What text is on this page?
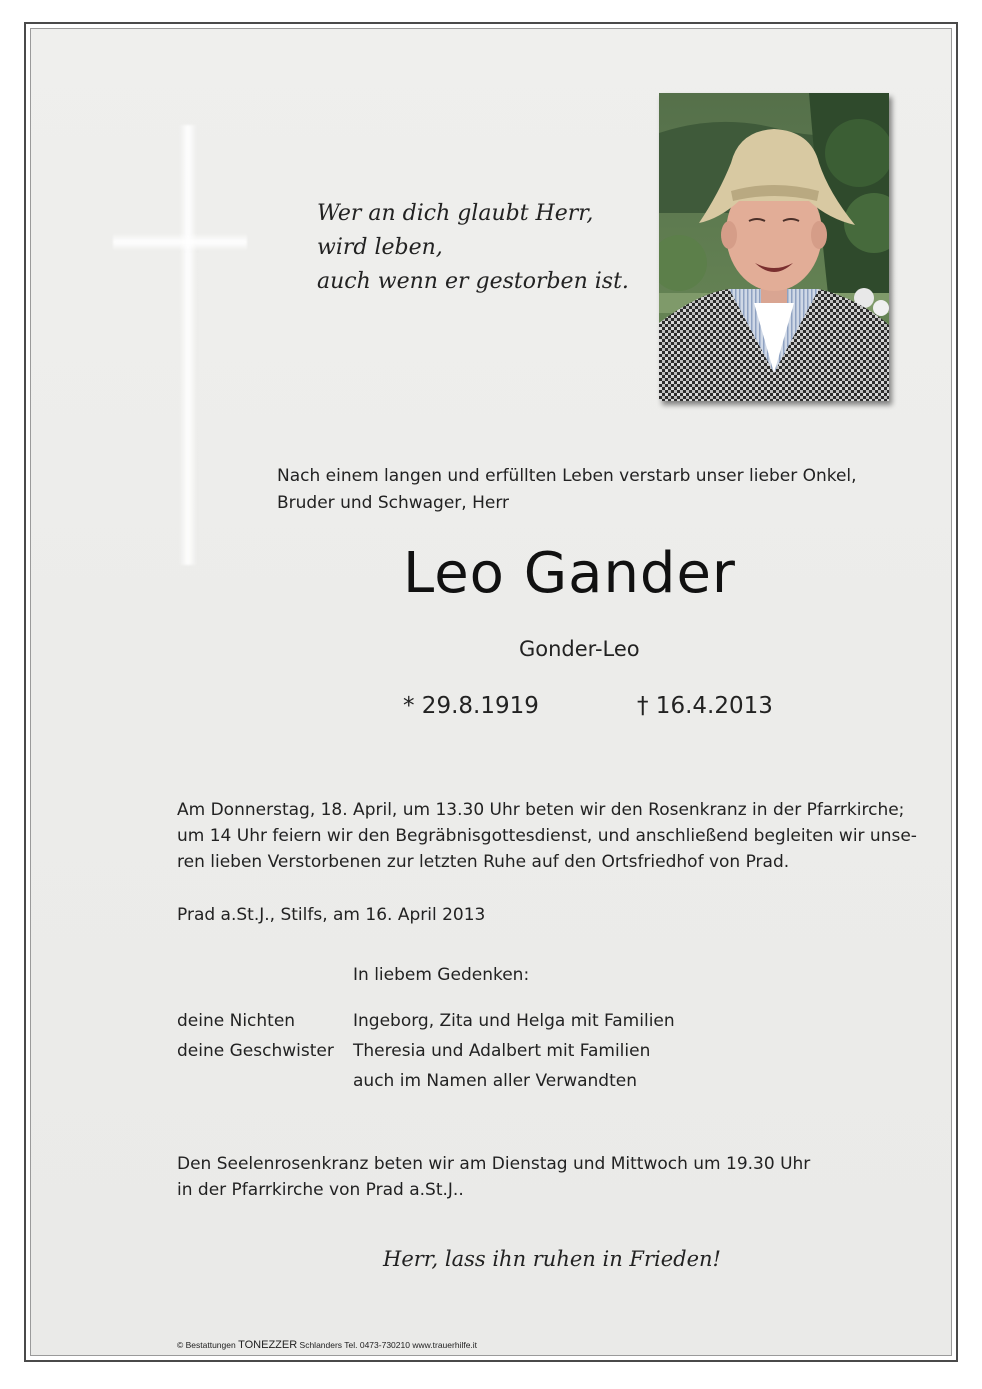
Wer an dich glaubt Herr,
wird leben,
auch wenn er gestorben ist.
Nach einem langen und erfüllten Leben verstarb unser lieber Onkel,
Bruder und Schwager, Herr
Leo Gander
Gonder-Leo
* 29.8.1919	† 16.4.2013
Am Donnerstag, 18. April, um 13.30 Uhr beten wir den Rosenkranz in der Pfarrkirche;
um 14 Uhr feiern wir den Begräbnisgottesdienst, und anschließend begleiten wir unse-
ren lieben Verstorbenen zur letzten Ruhe auf den Ortsfriedhof von Prad.
Prad a.St.J., Stilfs, am 16. April 2013
In liebem Gedenken:
deine Nichten	Ingeborg, Zita und Helga mit Familien
deine Geschwister Theresia und Adalbert mit Familien
auch im Namen aller Verwandten
Den Seelenrosenkranz beten wir am Dienstag und Mittwoch um 19.30 Uhr
in der Pfarrkirche von Prad a.St.J..
Herr, lass ihn ruhen in Frieden!
© Bestattungen TONEZZER Schlanders Tel. 0473-730210 www.trauerhilfe.it
